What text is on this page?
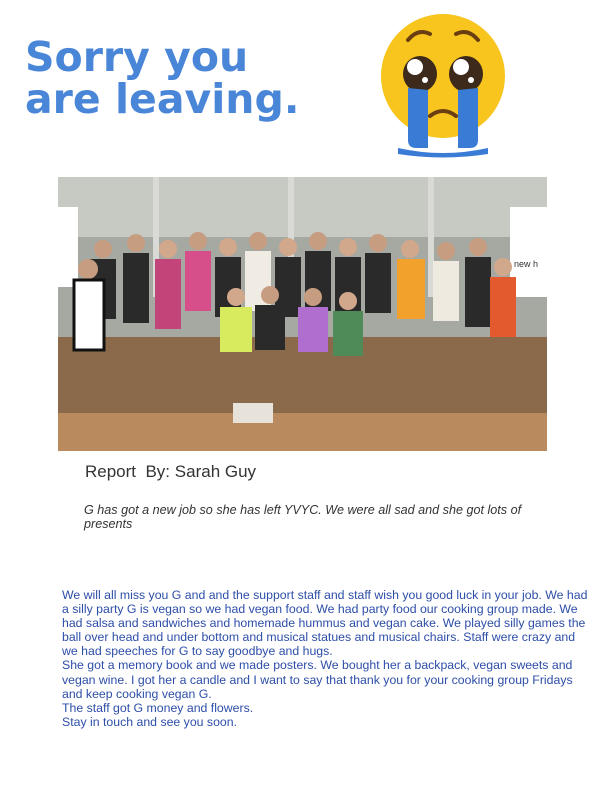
Sorry you
are leaving.
new h
Report  By: Sarah Guy
G has got a new job so she has left YVYC. We were all sad and she got lots of presents

We will all miss you G and and the support staff and staff wish you good luck in your job. We had a silly party G is vegan so we had vegan food. We had party food our cooking group made. We had salsa and sandwiches and homemade hummus and vegan cake. We played silly games the ball over head and under bottom and musical statues and musical chairs. Staff were crazy and we had speeches for G to say goodbye and hugs.

She got a memory book and we made posters. We bought her a backpack, vegan sweets and vegan wine. I got her a candle and I want to say that thank you for your cooking group Fridays and keep cooking vegan G.

The staff got G money and flowers.

Stay in touch and see you soon.
